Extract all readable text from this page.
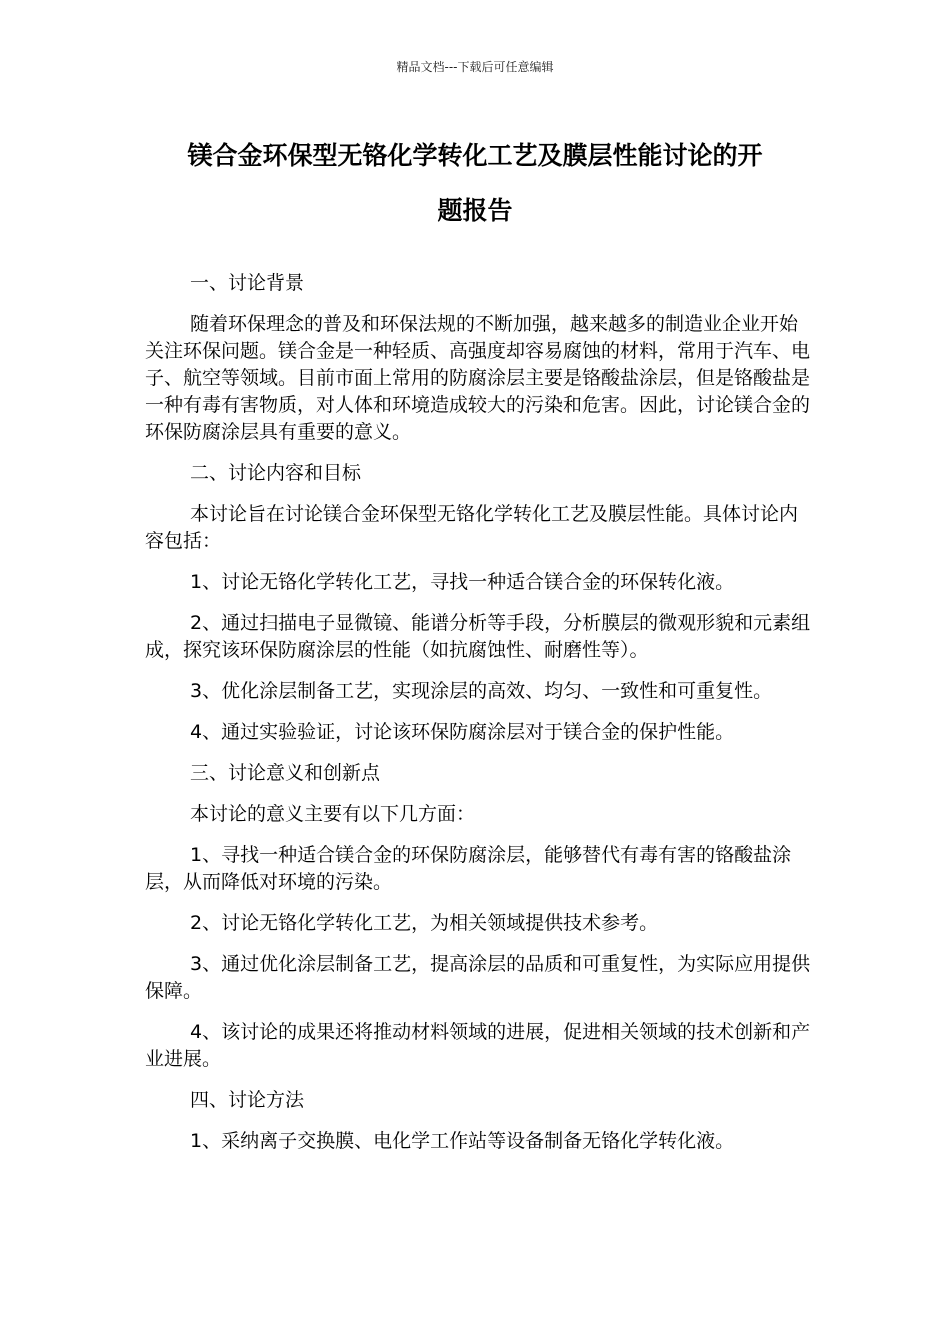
精品文档---下载后可任意编辑
镁合金环保型无铬化学转化工艺及膜层性能讨论的开
题报告

一、讨论背景

随着环保理念的普及和环保法规的不断加强，越来越多的制造业企业开始关注环保问题。镁合金是一种轻质、高强度却容易腐蚀的材料，常用于汽车、电子、航空等领域。目前市面上常用的防腐涂层主要是铬酸盐涂层，但是铬酸盐是一种有毒有害物质，对人体和环境造成较大的污染和危害。因此，讨论镁合金的环保防腐涂层具有重要的意义。

二、讨论内容和目标

本讨论旨在讨论镁合金环保型无铬化学转化工艺及膜层性能。具体讨论内容包括：

1、讨论无铬化学转化工艺，寻找一种适合镁合金的环保转化液。

2、通过扫描电子显微镜、能谱分析等手段，分析膜层的微观形貌和元素组成，探究该环保防腐涂层的性能（如抗腐蚀性、耐磨性等）。

3、优化涂层制备工艺，实现涂层的高效、均匀、一致性和可重复性。

4、通过实验验证，讨论该环保防腐涂层对于镁合金的保护性能。

三、讨论意义和创新点

本讨论的意义主要有以下几方面：

1、寻找一种适合镁合金的环保防腐涂层，能够替代有毒有害的铬酸盐涂层，从而降低对环境的污染。

2、讨论无铬化学转化工艺，为相关领域提供技术参考。

3、通过优化涂层制备工艺，提高涂层的品质和可重复性，为实际应用提供保障。

4、该讨论的成果还将推动材料领域的进展，促进相关领域的技术创新和产业进展。

四、讨论方法

1、采纳离子交换膜、电化学工作站等设备制备无铬化学转化液。
